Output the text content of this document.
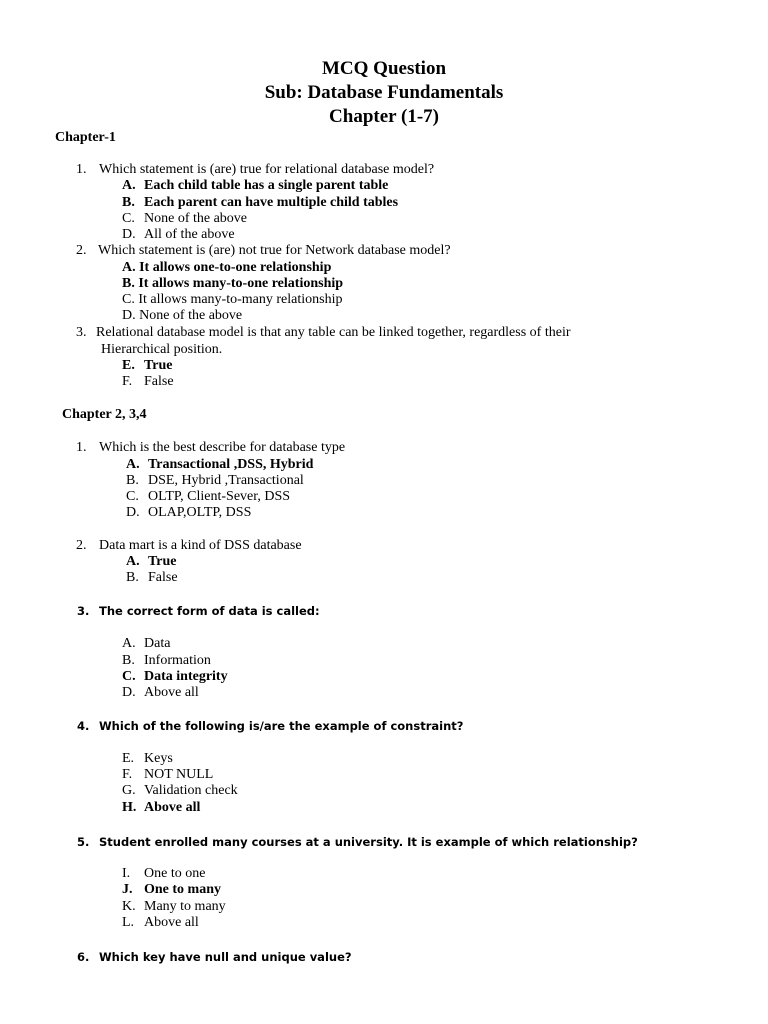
MCQ Question
Sub: Database Fundamentals
Chapter (1-7)
Chapter-1
1. Which statement is (are) true for relational database model?
A. Each child table has a single parent table
B. Each parent can have multiple child tables
C. None of the above
D. All of the above
2. Which statement is (are) not true for Network database model?
A. It allows one-to-one relationship
B. It allows many-to-one relationship
C. It allows many-to-many relationship
D. None of the above
3. Relational database model is that any table can be linked together, regardless of their
Hierarchical position.
E. True
F. False
Chapter 2, 3,4
1. Which is the best describe for database type
A. Transactional ,DSS, Hybrid
B. DSE, Hybrid ,Transactional
C. OLTP, Client-Sever, DSS
D. OLAP,OLTP, DSS
2. Data mart is a kind of DSS database
A. True
B. False
3. The correct form of data is called:
A. Data
B. Information
C. Data integrity
D. Above all
4. Which of the following is/are the example of constraint?
E. Keys
F. NOT NULL
G. Validation check
H. Above all
5. Student enrolled many courses at a university. It is example of which relationship?
I. One to one
J. One to many
K. Many to many
L. Above all
6. Which key have null and unique value?
